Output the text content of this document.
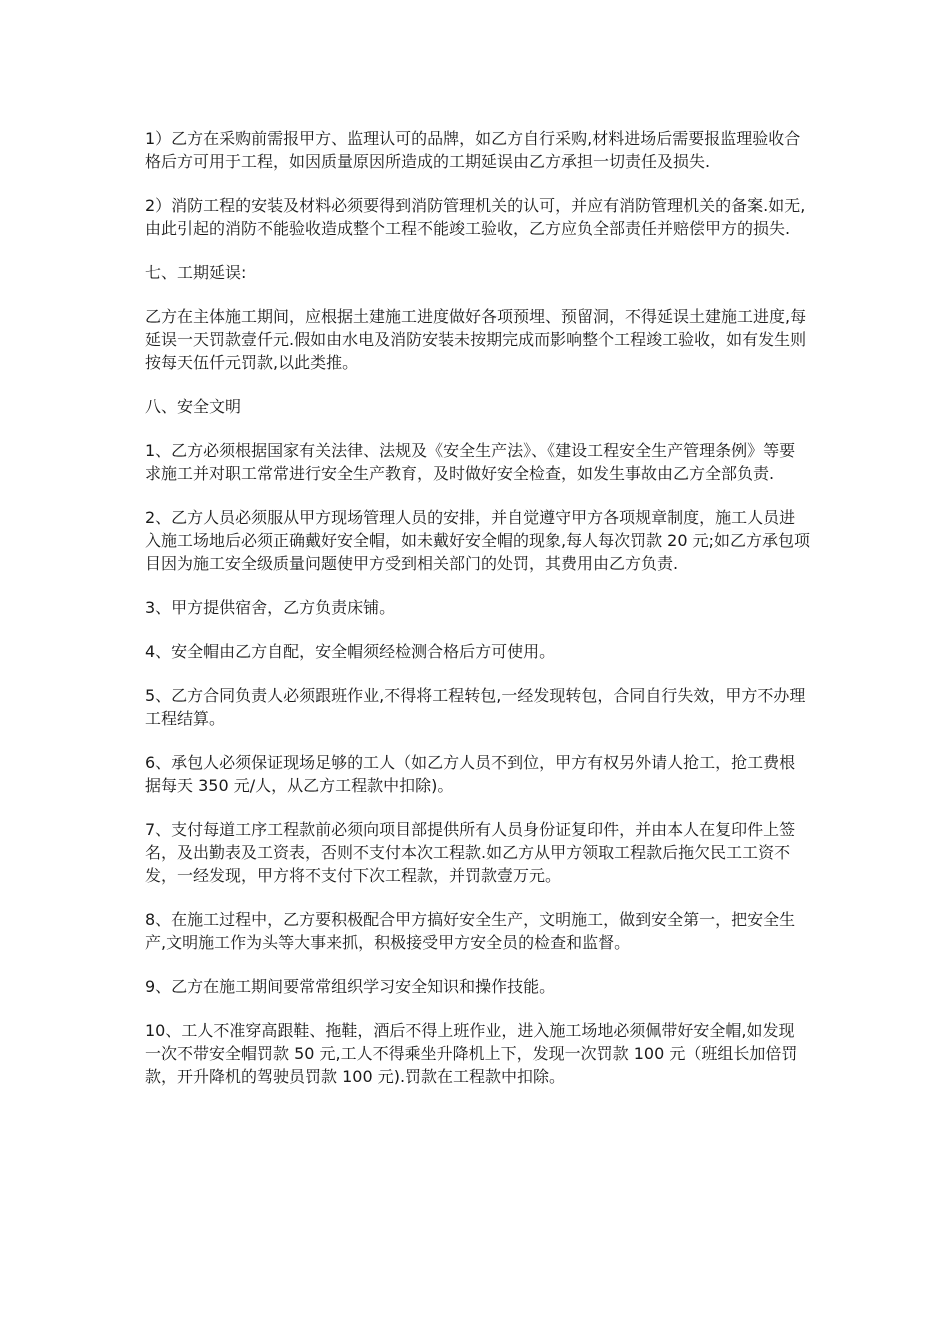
1）乙方在采购前需报甲方、监理认可的品牌，如乙方自行采购,材料进场后需要报监理验收合格后方可用于工程，如因质量原因所造成的工期延误由乙方承担一切责任及损失.

2）消防工程的安装及材料必须要得到消防管理机关的认可，并应有消防管理机关的备案.如无,由此引起的消防不能验收造成整个工程不能竣工验收，乙方应负全部责任并赔偿甲方的损失.

七、工期延误:

乙方在主体施工期间，应根据土建施工进度做好各项预埋、预留洞，不得延误土建施工进度,每延误一天罚款壹仟元.假如由水电及消防安装未按期完成而影响整个工程竣工验收，如有发生则按每天伍仟元罚款,以此类推。

八、安全文明

1、乙方必须根据国家有关法律、法规及《安全生产法》、《建设工程安全生产管理条例》等要求施工并对职工常常进行安全生产教育，及时做好安全检查，如发生事故由乙方全部负责.

2、乙方人员必须服从甲方现场管理人员的安排，并自觉遵守甲方各项规章制度，施工人员进入施工场地后必须正确戴好安全帽，如未戴好安全帽的现象,每人每次罚款 20 元;如乙方承包项目因为施工安全级质量问题使甲方受到相关部门的处罚，其费用由乙方负责.

3、甲方提供宿舍，乙方负责床铺。

4、安全帽由乙方自配，安全帽须经检测合格后方可使用。

5、乙方合同负责人必须跟班作业,不得将工程转包,一经发现转包，合同自行失效，甲方不办理工程结算。

6、承包人必须保证现场足够的工人（如乙方人员不到位，甲方有权另外请人抢工，抢工费根据每天 350 元/人，从乙方工程款中扣除)。

7、支付每道工序工程款前必须向项目部提供所有人员身份证复印件，并由本人在复印件上签名，及出勤表及工资表，否则不支付本次工程款.如乙方从甲方领取工程款后拖欠民工工资不发，一经发现，甲方将不支付下次工程款，并罚款壹万元。

8、在施工过程中，乙方要积极配合甲方搞好安全生产，文明施工，做到安全第一，把安全生产,文明施工作为头等大事来抓，积极接受甲方安全员的检查和监督。

9、乙方在施工期间要常常组织学习安全知识和操作技能。

10、工人不准穿高跟鞋、拖鞋，酒后不得上班作业，进入施工场地必须佩带好安全帽,如发现一次不带安全帽罚款 50 元,工人不得乘坐升降机上下，发现一次罚款 100 元（班组长加倍罚款，开升降机的驾驶员罚款 100 元).罚款在工程款中扣除。
